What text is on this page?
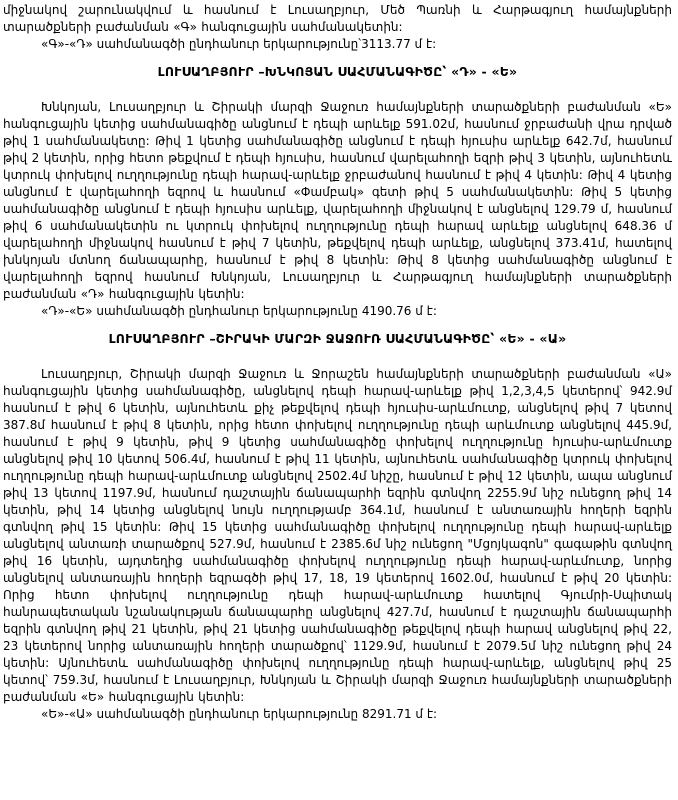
միջնակով շարունակվում և հասնում է Լուսաղբյուր, Մեծ Պառնի և Հարթագյուղ համայնքների տարածքների բաժանման «Գ» հանգուցային սահմանակետին:

«Գ»-«Դ» սահմանագծի ընդհանուր երկարությունը՝3113.77 մ է:

ԼՈՒՍԱՂԲՅՈՒՐ –ԽՆԿՈՅԱՆ ՍԱՀՄԱՆԱԳԻԾԸ՝ «Դ» - «Ե»

Խնկոյան, Լուսաղբյուր և Շիրակի մարզի Ջաջուռ համայնքների տարածքների բաժանման «Ե» հանգուցային կետից սահմանագիծը անցնում է դեպի արևելք 591.02մ, հասնում ջրբաժանի վրա դրված թիվ 1 սահմանակետը: Թիվ 1 կետից սահմանագիծը անցնում է դեպի հյուսիս արևելք 642.7մ, հասնում թիվ 2 կետին, որից հետո թեքվում է դեպի հյուսիս, հասնում վարելահողի եզրի թիվ 3 կետին, այնուհետև կտրուկ փոխելով ուղղությունը դեպի հարավ-արևելք ջրբաժանով հասնում է թիվ 4 կետին: Թիվ 4 կետից անցնում է վարելահողի եզրով և հասնում «Փամբակ» գետի թիվ 5 սահմանակետին: Թիվ 5 կետից սահմանագիծը անցնում է դեպի հյուսիս արևելք, վարելահողի միջնակով է անցնելով 129.79 մ, հասնում թիվ 6 սահմանակետին ու կտրուկ փոխելով ուղղությունը դեպի հարավ արևելք անցնելով 648.36 մ վարելահողի միջնակով հասնում է թիվ 7 կետին, թեքվելով դեպի արևելք, անցնելով 373.41մ, հատելով խնկոյան մտնող ճանապարհը, հասնում է թիվ 8 կետին: Թիվ 8 կետից սահմանագիծը անցնում է վարելահողի եզրով հասնում Խնկոյան, Լուսաղբյուր և Հարթագյուղ համայնքների տարածքների բաժանման «Դ» հանգուցային կետին:

«Դ»-«Ե» սահմանագծի ընդհանուր երկարությունը 4190.76 մ է:

ԼՈՒՍԱՂԲՅՈՒՐ –ՇԻՐԱԿԻ ՄԱՐԶԻ ՋԱՋՈՒՌ ՍԱՀՄԱՆԱԳԻԾԸ՝ «Ե» - «Ա»

Լուսաղբյուր, Շիրակի մարզի Ջաջուռ և Ջորաշեն համայնքների տարածքների բաժանման «Ա» հանգուցային կետից սահմանագիծը, անցնելով դեպի հարավ-արևելք թիվ 1,2,3,4,5 կետերով՝ 942.9մ հասնում է թիվ 6 կետին, այնուհետև քիչ թեքվելով դեպի հյուսիս-արևմուտք, անցնելով թիվ 7 կետով 387.8մ հասնում է թիվ 8 կետին, որից հետո փոխելով ուղղությունը դեպի արևմուտք անցնելով 445.9մ, հասնում է թիվ 9 կետին, թիվ 9 կետից սահմանագիծը փոխելով ուղղությունը հյուսիս-արևմուտք անցնելով թիվ 10 կետով 506.4մ, հասնում է թիվ 11 կետին, այնուհետև սահմանագիծը կտրուկ փոխելով ուղղությունը դեպի հարավ-արևմուտք անցնելով 2502.4մ նիշը, հասնում է թիվ 12 կետին, ապա անցնում թիվ 13 կետով 1197.9մ, հասնում դաշտային ճանապարհի եզրին գտնվող 2255.9մ նիշ ունեցող թիվ 14 կետին, թիվ 14 կետից անցնելով նույն ուղղությամբ 364.1մ, հասնում է անտառային հողերի եզրին գտնվող թիվ 15 կետին: Թիվ 15 կետից սահմանագիծը փոխելով ուղղությունը դեպի հարավ-արևելք անցնելով անտառի տարածքով 527.9մ, հասնում է 2385.6մ նիշ ունեցող "Մցոյկագոն" գագաթին գտնվող թիվ 16 կետին, այդտեղից սահմանագիծը փոխելով ուղղությունը դեպի հարավ-արևմուտք, նորից անցնելով անտառային հողերի եզրագծի թիվ 17, 18, 19 կետերով 1602.0մ, հասնում է թիվ 20 կետին: Որից հետո փոխելով ուղղությունը դեպի հարավ-արևմուտք հատելով Գյումրի-Սպիտակ հանրապետական նշանակության ճանապարհը անցնելով 427.7մ, հասնում է դաշտային ճանապարհի եզրին գտնվող թիվ 21 կետին, թիվ 21 կետից սահմանագիծը թեքվելով դեպի հարավ անցնելով թիվ 22, 23 կետերով նորից անտառային հողերի տարածքով՝ 1129.9մ, հասնում է 2079.5մ նիշ ունեցող թիվ 24 կետին: Այնուհետև սահմանագիծը փոխելով ուղղությունը դեպի հարավ-արևելք, անցնելով թիվ 25 կետով՝ 759.3մ, հասնում է Լուսաղբյուր, Խնկոյան և Շիրակի մարզի Ջաջուռ համայնքների տարածքների բաժանման «Ե» հանգուցային կետին:

«Ե»-«Ա» սահմանագծի ընդհանուր երկարությունը 8291.71 մ է:
